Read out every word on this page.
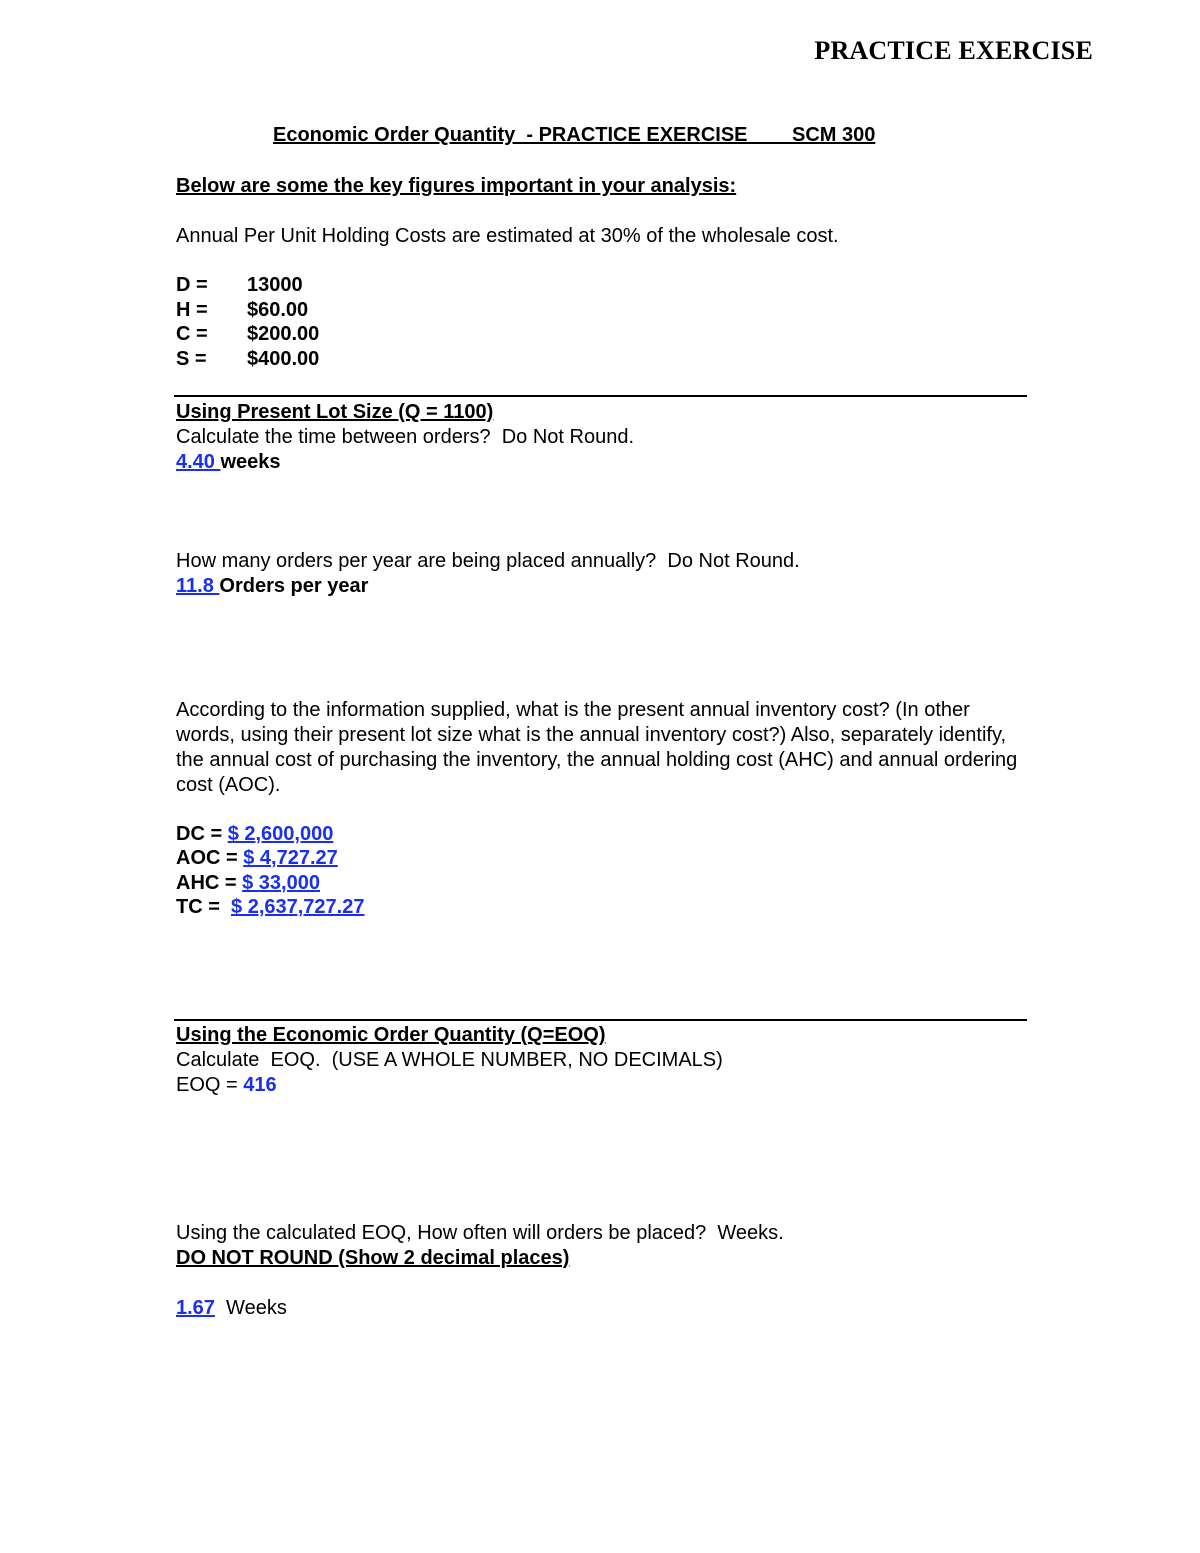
PRACTICE EXERCISE
Economic Order Quantity  - PRACTICE EXERCISE        SCM 300
Below are some the key figures important in your analysis:
Annual Per Unit Holding Costs are estimated at 30% of the wholesale cost.
D = 13000
H = $60.00
C = $200.00
S = $400.00
Using Present Lot Size (Q = 1100)
Calculate the time between orders?  Do Not Round.
4.40 weeks
How many orders per year are being placed annually?  Do Not Round.
11.8 Orders per year
According to the information supplied, what is the present annual inventory cost? (In other words, using their present lot size what is the annual inventory cost?) Also, separately identify, the annual cost of purchasing the inventory, the annual holding cost (AHC) and annual ordering cost (AOC).
DC = $ 2,600,000
AOC = $ 4,727.27
AHC = $ 33,000
TC =  $ 2,637,727.27
Using the Economic Order Quantity (Q=EOQ)
Calculate  EOQ.  (USE A WHOLE NUMBER, NO DECIMALS)
EOQ = 416
Using the calculated EOQ, How often will orders be placed?  Weeks.
DO NOT ROUND (Show 2 decimal places)
1.67  Weeks
